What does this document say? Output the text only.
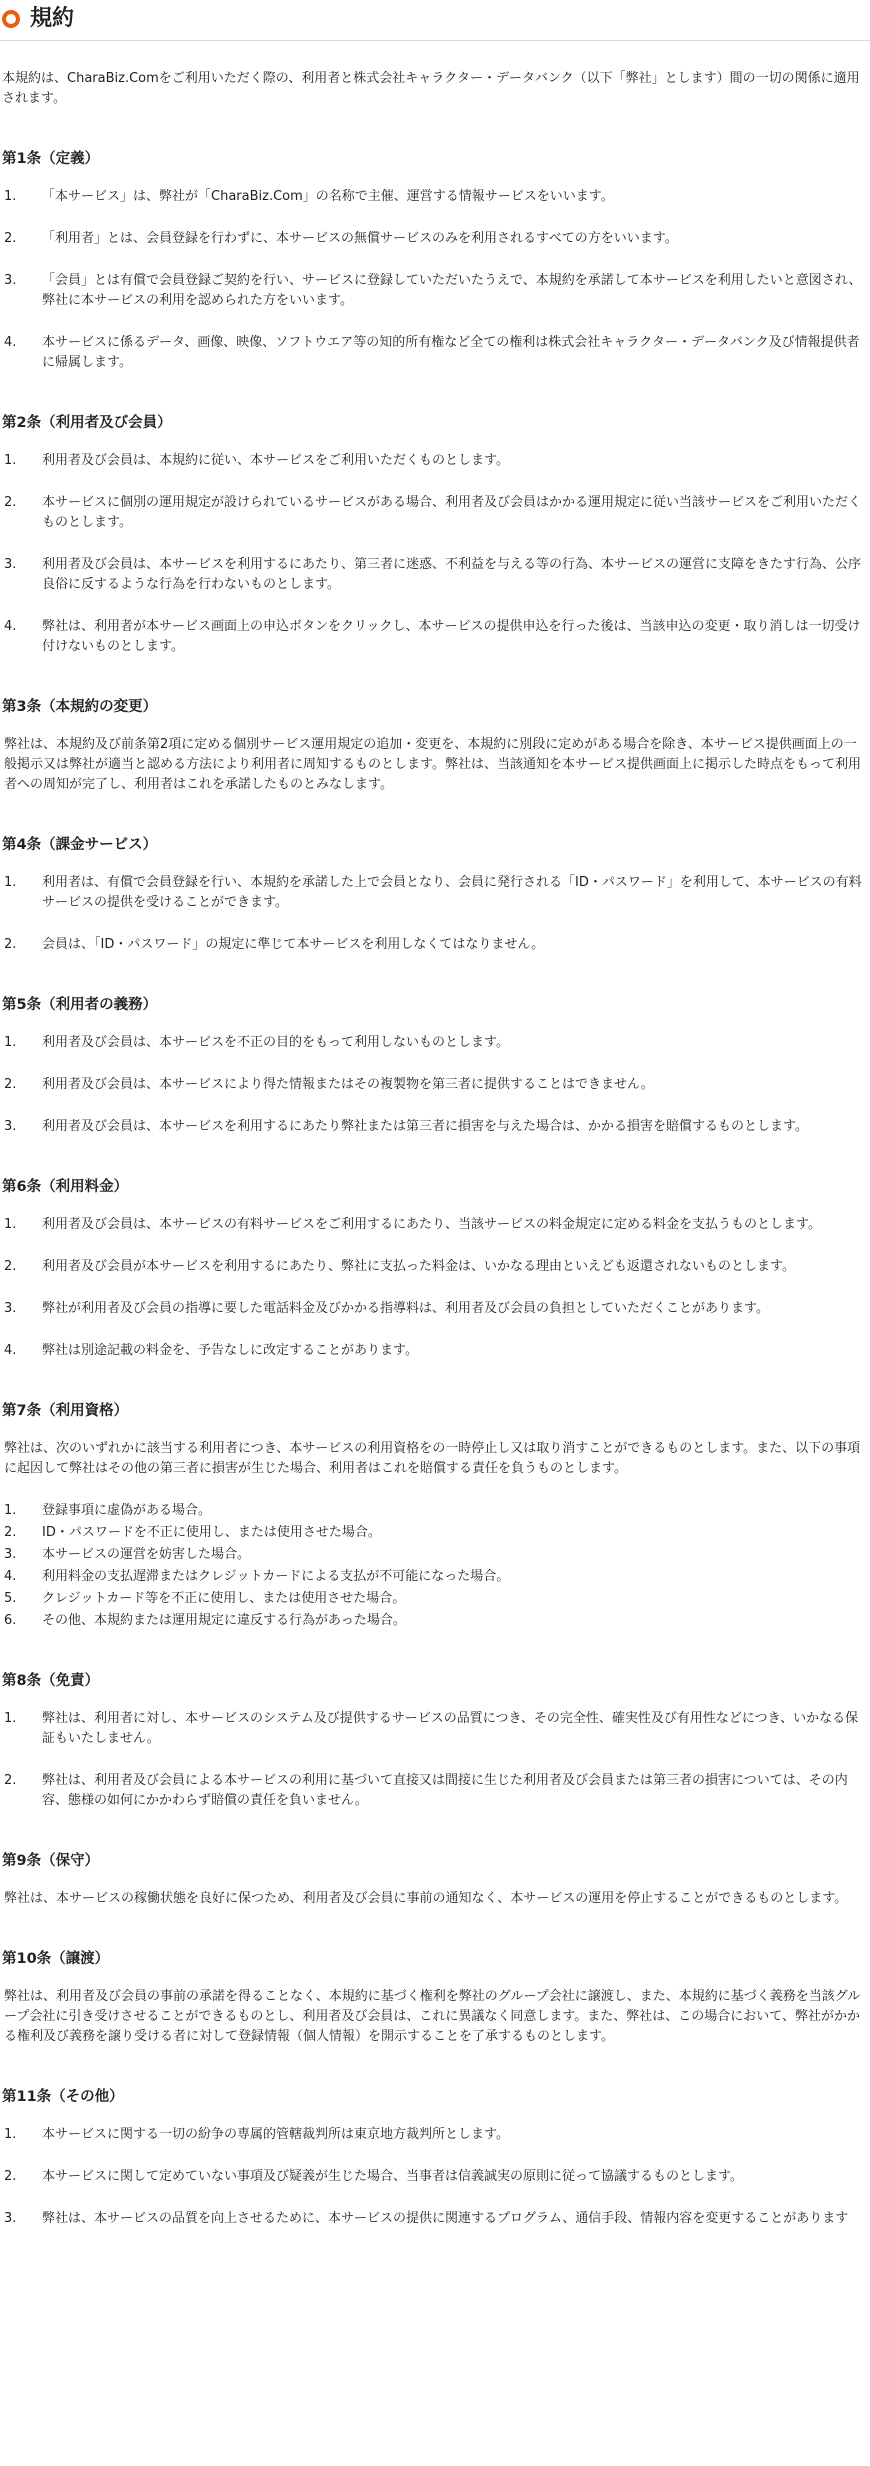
規約
本規約は、CharaBiz.Comをご利用いただく際の、利用者と株式会社キャラクター・データバンク（以下「弊社」とします）間の一切の関係に適用されます。
第1条（定義）
1.	「本サービス」は、弊社が「CharaBiz.Com」の名称で主催、運営する情報サービスをいいます。
2.	「利用者」とは、会員登録を行わずに、本サービスの無償サービスのみを利用されるすべての方をいいます。
3.	「会員」とは有償で会員登録ご契約を行い、サービスに登録していただいたうえで、本規約を承諾して本サービスを利用したいと意図され、弊社に本サービスの利用を認められた方をいいます。
4.	本サービスに係るデータ、画像、映像、ソフトウエア等の知的所有権など全ての権利は株式会社キャラクター・データバンク及び情報提供者に帰属します。
第2条（利用者及び会員）
1.	利用者及び会員は、本規約に従い、本サービスをご利用いただくものとします。
2.	本サービスに個別の運用規定が設けられているサービスがある場合、利用者及び会員はかかる運用規定に従い当該サービスをご利用いただくものとします。
3.	利用者及び会員は、本サービスを利用するにあたり、第三者に迷惑、不利益を与える等の行為、本サービスの運営に支障をきたす行為、公序良俗に反するような行為を行わないものとします。
4.	弊社は、利用者が本サービス画面上の申込ボタンをクリックし、本サービスの提供申込を行った後は、当該申込の変更・取り消しは一切受け付けないものとします。
第3条（本規約の変更）
弊社は、本規約及び前条第2項に定める個別サービス運用規定の追加・変更を、本規約に別段に定めがある場合を除き、本サービス提供画面上の一般掲示又は弊社が適当と認める方法により利用者に周知するものとします。弊社は、当該通知を本サービス提供画面上に掲示した時点をもって利用者への周知が完了し、利用者はこれを承諾したものとみなします。
第4条（課金サービス）
1.	利用者は、有償で会員登録を行い、本規約を承諾した上で会員となり、会員に発行される「ID・パスワード」を利用して、本サービスの有料サービスの提供を受けることができます。
2.	会員は、「ID・パスワード」の規定に準じて本サービスを利用しなくてはなりません。
第5条（利用者の義務）
1.	利用者及び会員は、本サービスを不正の目的をもって利用しないものとします。
2.	利用者及び会員は、本サービスにより得た情報またはその複製物を第三者に提供することはできません。
3.	利用者及び会員は、本サービスを利用するにあたり弊社または第三者に損害を与えた場合は、かかる損害を賠償するものとします。
第6条（利用料金）
1.	利用者及び会員は、本サービスの有料サービスをご利用するにあたり、当該サービスの料金規定に定める料金を支払うものとします。
2.	利用者及び会員が本サービスを利用するにあたり、弊社に支払った料金は、いかなる理由といえども返還されないものとします。
3.	弊社が利用者及び会員の指導に要した電話料金及びかかる指導料は、利用者及び会員の負担としていただくことがあります。
4.	弊社は別途記載の料金を、予告なしに改定することがあります。
第7条（利用資格）
弊社は、次のいずれかに該当する利用者につき、本サービスの利用資格をの一時停止し又は取り消すことができるものとします。また、以下の事項に起因して弊社はその他の第三者に損害が生じた場合、利用者はこれを賠償する責任を負うものとします。
1.	登録事項に虚偽がある場合。
2.	ID・パスワードを不正に使用し、または使用させた場合。
3.	本サービスの運営を妨害した場合。
4.	利用料金の支払遅滞またはクレジットカードによる支払が不可能になった場合。
5.	クレジットカード等を不正に使用し、または使用させた場合。
6.	その他、本規約または運用規定に違反する行為があった場合。
第8条（免責）
1.	弊社は、利用者に対し、本サービスのシステム及び提供するサービスの品質につき、その完全性、確実性及び有用性などにつき、いかなる保証もいたしません。
2.	弊社は、利用者及び会員による本サービスの利用に基づいて直接又は間接に生じた利用者及び会員または第三者の損害については、その内容、態様の如何にかかわらず賠償の責任を負いません。
第9条（保守）
弊社は、本サービスの稼働状態を良好に保つため、利用者及び会員に事前の通知なく、本サービスの運用を停止することができるものとします。
第10条（譲渡）
弊社は、利用者及び会員の事前の承諾を得ることなく、本規約に基づく権利を弊社のグループ会社に譲渡し、また、本規約に基づく義務を当該グループ会社に引き受けさせることができるものとし、利用者及び会員は、これに異議なく同意します。また、弊社は、この場合において、弊社がかかる権利及び義務を譲り受ける者に対して登録情報（個人情報）を開示することを了承するものとします。
第11条（その他）
1.	本サービスに関する一切の紛争の専属的管轄裁判所は東京地方裁判所とします。
2.	本サービスに関して定めていない事項及び疑義が生じた場合、当事者は信義誠実の原則に従って協議するものとします。
3.	弊社は、本サービスの品質を向上させるために、本サービスの提供に関連するプログラム、通信手段、情報内容を変更することがあります
